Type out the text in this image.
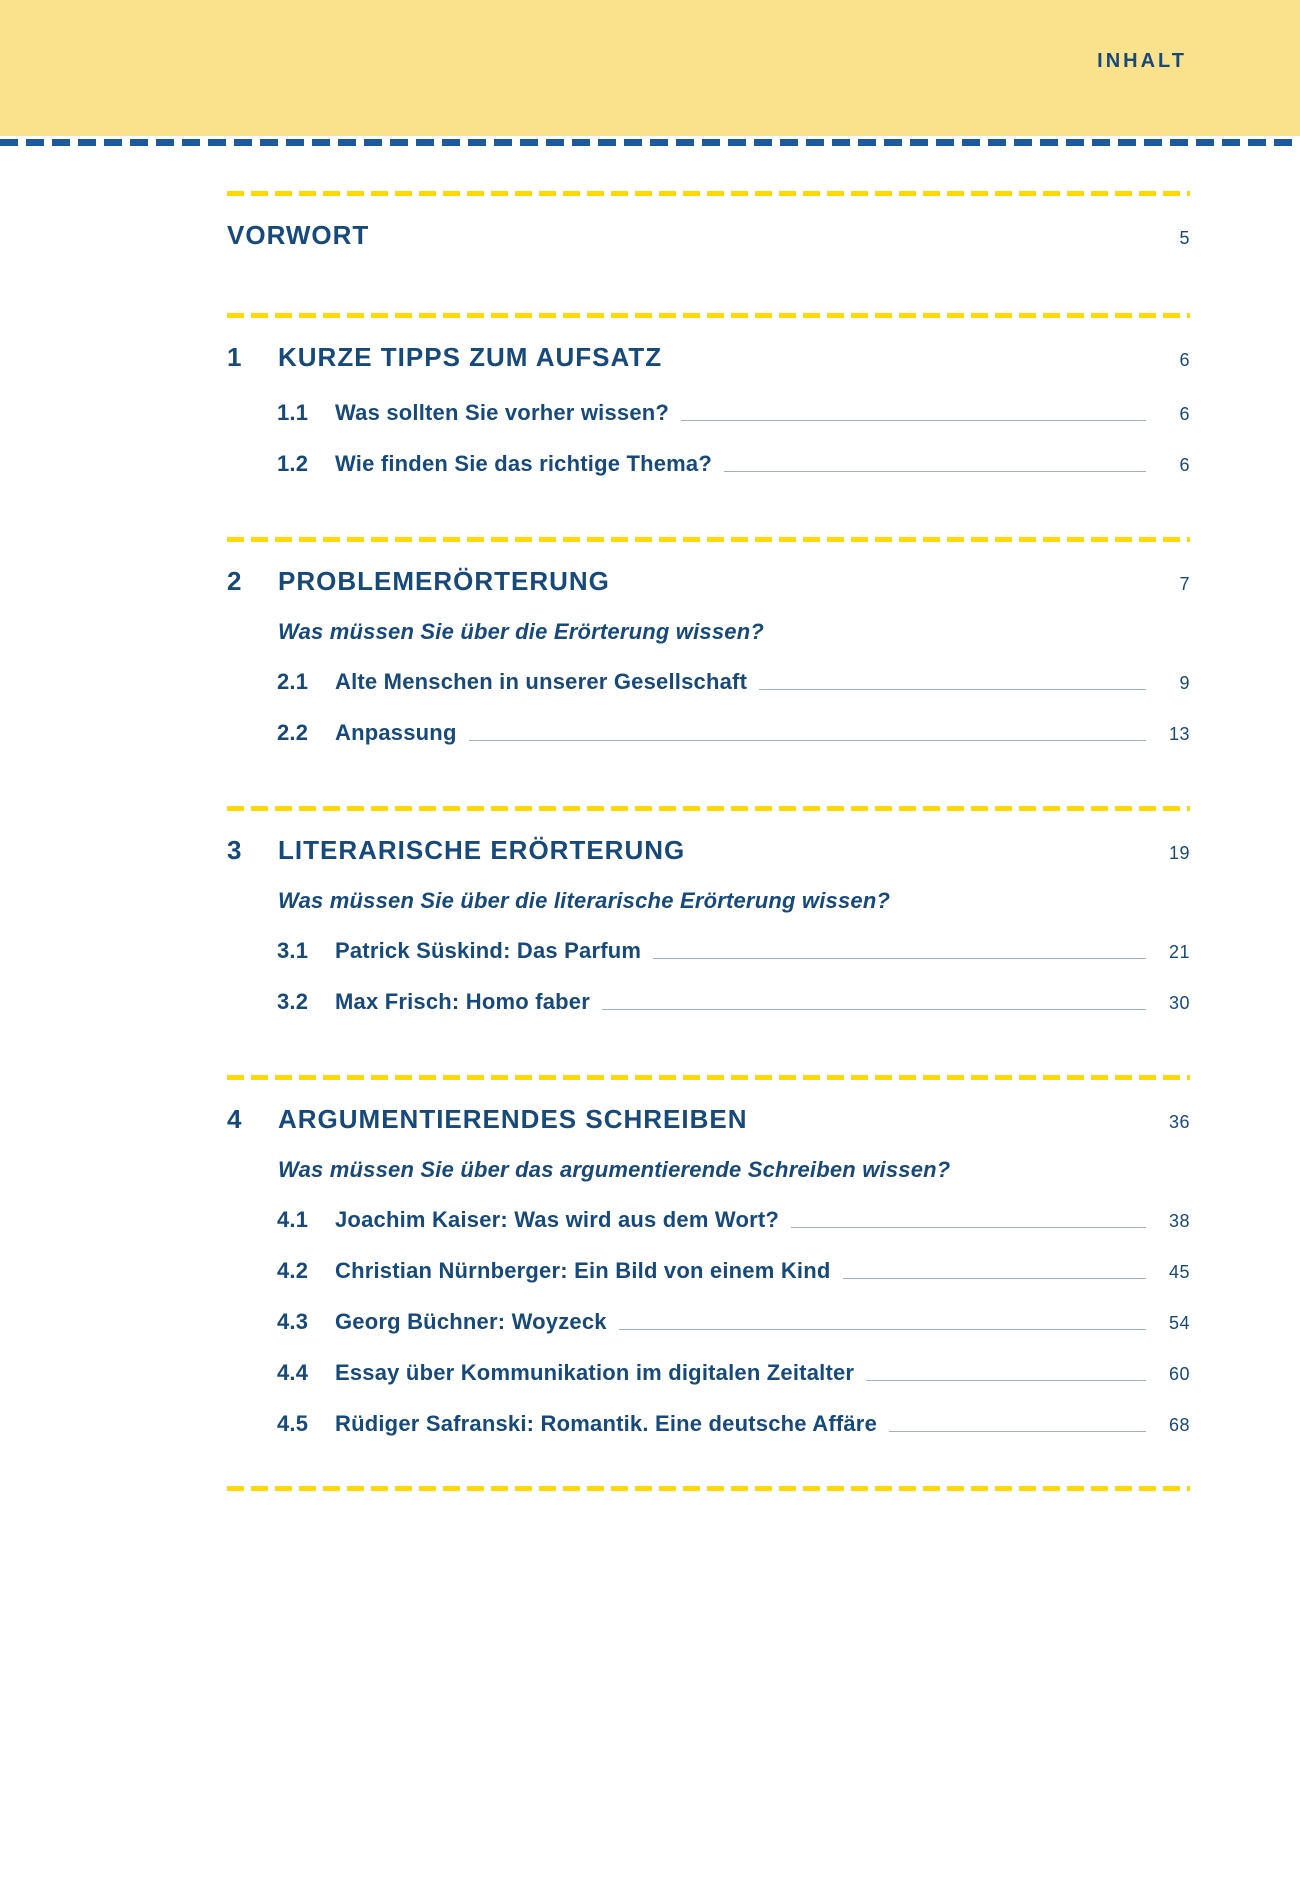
INHALT
VORWORT	5
1	KURZE TIPPS ZUM AUFSATZ	6
1.1	Was sollten Sie vorher wissen?	6
1.2	Wie finden Sie das richtige Thema?	6
2	PROBLEMERÖRTERUNG	7
Was müssen Sie über die Erörterung wissen?
2.1	Alte Menschen in unserer Gesellschaft	9
2.2	Anpassung	13
3	LITERARISCHE ERÖRTERUNG	19
Was müssen Sie über die literarische Erörterung wissen?
3.1	Patrick Süskind: Das Parfum	21
3.2	Max Frisch: Homo faber	30
4	ARGUMENTIERENDES SCHREIBEN	36
Was müssen Sie über das argumentierende Schreiben wissen?
4.1	Joachim Kaiser: Was wird aus dem Wort?	38
4.2	Christian Nürnberger: Ein Bild von einem Kind	45
4.3	Georg Büchner: Woyzeck	54
4.4	Essay über Kommunikation im digitalen Zeitalter	60
4.5	Rüdiger Safranski: Romantik. Eine deutsche Affäre	68
